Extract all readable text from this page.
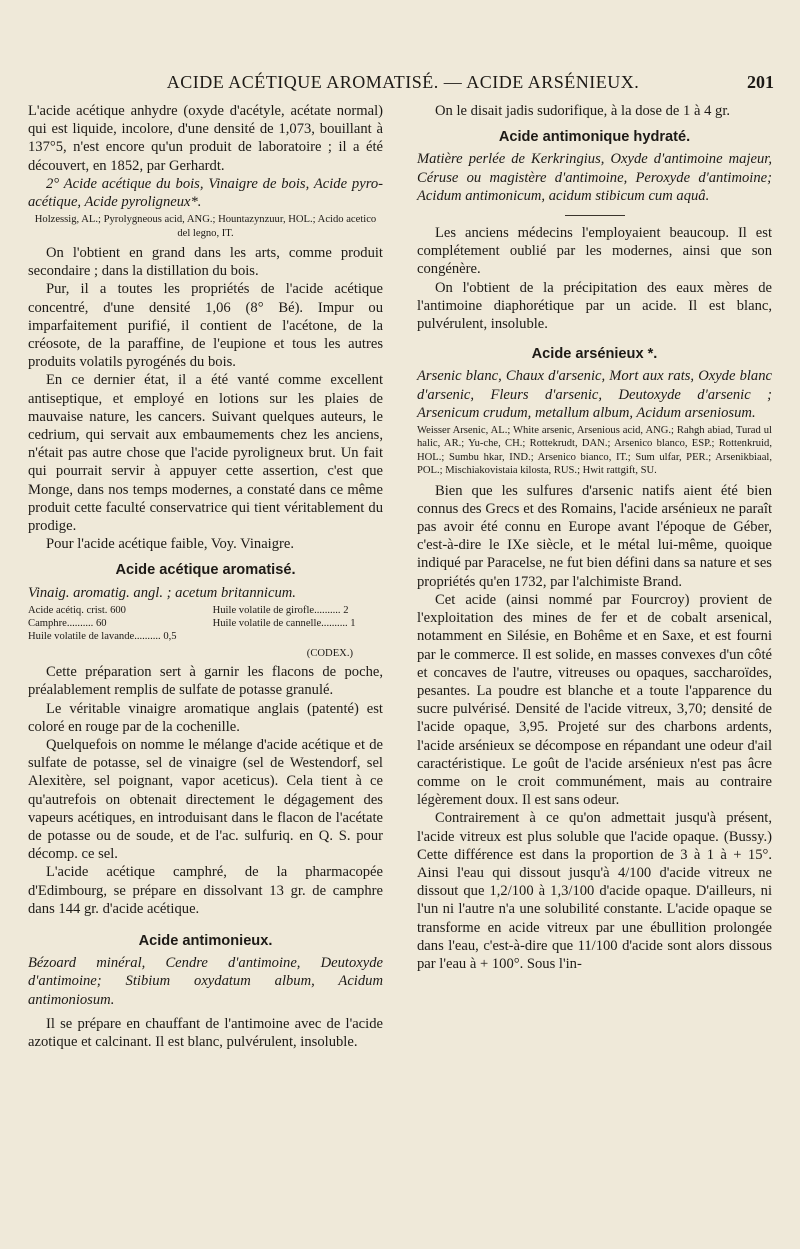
ACIDE ACÉTIQUE AROMATISÉ. — ACIDE ARSÉNIEUX.	201

L'acide acétique anhydre (oxyde d'acétyle, acétate normal) qui est liquide, incolore, d'une densité de 1,073, bouillant à 137°5, n'est encore qu'un produit de laboratoire ; il a été découvert, en 1852, par Gerhardt.

2° Acide acétique du bois, Vinaigre de bois, Acide pyro-acétique, Acide pyroligneux*.

Holzessig, AL.; Pyrolygneous acid, ANG.; Hountazynzuur, HOL.; Acido acetico del legno, IT.

On l'obtient en grand dans les arts, comme produit secondaire ; dans la distillation du bois.

Pur, il a toutes les propriétés de l'acide acétique concentré, d'une densité 1,06 (8° Bé). Impur ou imparfaitement purifié, il contient de l'acétone, de la créosote, de la paraffine, de l'eupione et tous les autres produits volatils pyrogénés du bois.

En ce dernier état, il a été vanté comme excellent antiseptique, et employé en lotions sur les plaies de mauvaise nature, les cancers. Suivant quelques auteurs, le cedrium, qui servait aux embaumements chez les anciens, n'était pas autre chose que l'acide pyroligneux brut. Un fait qui pourrait servir à appuyer cette assertion, c'est que Monge, dans nos temps modernes, a constaté dans ce même produit cette faculté conservatrice qui tient véritablement du prodige.

Pour l'acide acétique faible, Voy. Vinaigre.

Acide acétique aromatisé.

Vinaig. aromatig. angl. ; acetum britannicum.

Acide acétiq. crist. 600
Camphre.......... 60
Huile volatile de lavande.......... 0,5
Huile volatile de girofle.......... 2
Huile volatile de cannelle.......... 1
(CODEX.)

Cette préparation sert à garnir les flacons de poche, préalablement remplis de sulfate de potasse granulé.

Le véritable vinaigre aromatique anglais (patenté) est coloré en rouge par de la cochenille.

Quelquefois on nomme le mélange d'acide acétique et de sulfate de potasse, sel de vinaigre (sel de Westendorf, sel Alexitère, sel poignant, vapor aceticus). Cela tient à ce qu'autrefois on obtenait directement le dégagement des vapeurs acétiques, en introduisant dans le flacon de l'acétate de potasse ou de soude, et de l'ac. sulfuriq. en Q. S. pour décomp. ce sel.

L'acide acétique camphré, de la pharmacopée d'Edimbourg, se prépare en dissolvant 13 gr. de camphre dans 144 gr. d'acide acétique.

Acide antimonieux.

Bézoard minéral, Cendre d'antimoine, Deutoxyde d'antimoine; Stibium oxydatum album, Acidum antimoniosum.

Il se prépare en chauffant de l'antimoine avec de l'acide azotique et calcinant. Il est blanc, pulvérulent, insoluble.

On le disait jadis sudorifique, à la dose de 1 à 4 gr.

Acide antimonique hydraté.

Matière perlée de Kerkringius, Oxyde d'antimoine majeur, Céruse ou magistère d'antimoine, Peroxyde d'antimoine; Acidum antimonicum, acidum stibicum cum aquâ.

Les anciens médecins l'employaient beaucoup. Il est complétement oublié par les modernes, ainsi que son congénère.

On l'obtient de la précipitation des eaux mères de l'antimoine diaphorétique par un acide. Il est blanc, pulvérulent, insoluble.

Acide arsénieux *.

Arsenic blanc, Chaux d'arsenic, Mort aux rats, Oxyde blanc d'arsenic, Fleurs d'arsenic, Deutoxyde d'arsenic ; Arsenicum crudum, metallum album, Acidum arseniosum.

Weisser Arsenic, AL.; White arsenic, Arsenious acid, ANG.; Rahgh abiad, Turad ul halic, AR.; Yu-che, CH.; Rottekrudt, DAN.; Arsenico blanco, ESP.; Rottenkruid, HOL.; Sumbu hkar, IND.; Arsenico bianco, IT.; Sum ulfar, PER.; Arsenikbiaal, POL.; Mischiakovistaia kilosta, RUS.; Hwit rattgift, SU.

Bien que les sulfures d'arsenic natifs aient été bien connus des Grecs et des Romains, l'acide arsénieux ne paraît pas avoir été connu en Europe avant l'époque de Géber, c'est-à-dire le IXe siècle, et le métal lui-même, quoique indiqué par Paracelse, ne fut bien défini dans sa nature et ses propriétés qu'en 1732, par l'alchimiste Brand.

Cet acide (ainsi nommé par Fourcroy) provient de l'exploitation des mines de fer et de cobalt arsenical, notamment en Silésie, en Bohême et en Saxe, et est fourni par le commerce. Il est solide, en masses convexes d'un côté et concaves de l'autre, vitreuses ou opaques, saccharoïdes, pesantes. La poudre est blanche et a toute l'apparence du sucre pulvérisé. Densité de l'acide vitreux, 3,70; densité de l'acide opaque, 3,95. Projeté sur des charbons ardents, l'acide arsénieux se décompose en répandant une odeur d'ail caractéristique. Le goût de l'acide arsénieux n'est pas âcre comme on le croit communément, mais au contraire légèrement doux. Il est sans odeur.

Contrairement à ce qu'on admettait jusqu'à présent, l'acide vitreux est plus soluble que l'acide opaque. (Bussy.) Cette différence est dans la proportion de 3 à 1 à + 15°. Ainsi l'eau qui dissout jusqu'à 4/100 d'acide vitreux ne dissout que 1,2/100 à 1,3/100 d'acide opaque. D'ailleurs, ni l'un ni l'autre n'a une solubilité constante. L'acide opaque se transforme en acide vitreux par une ébullition prolongée dans l'eau, c'est-à-dire que 11/100 d'acide sont alors dissous par l'eau à + 100°. Sous l'in-
